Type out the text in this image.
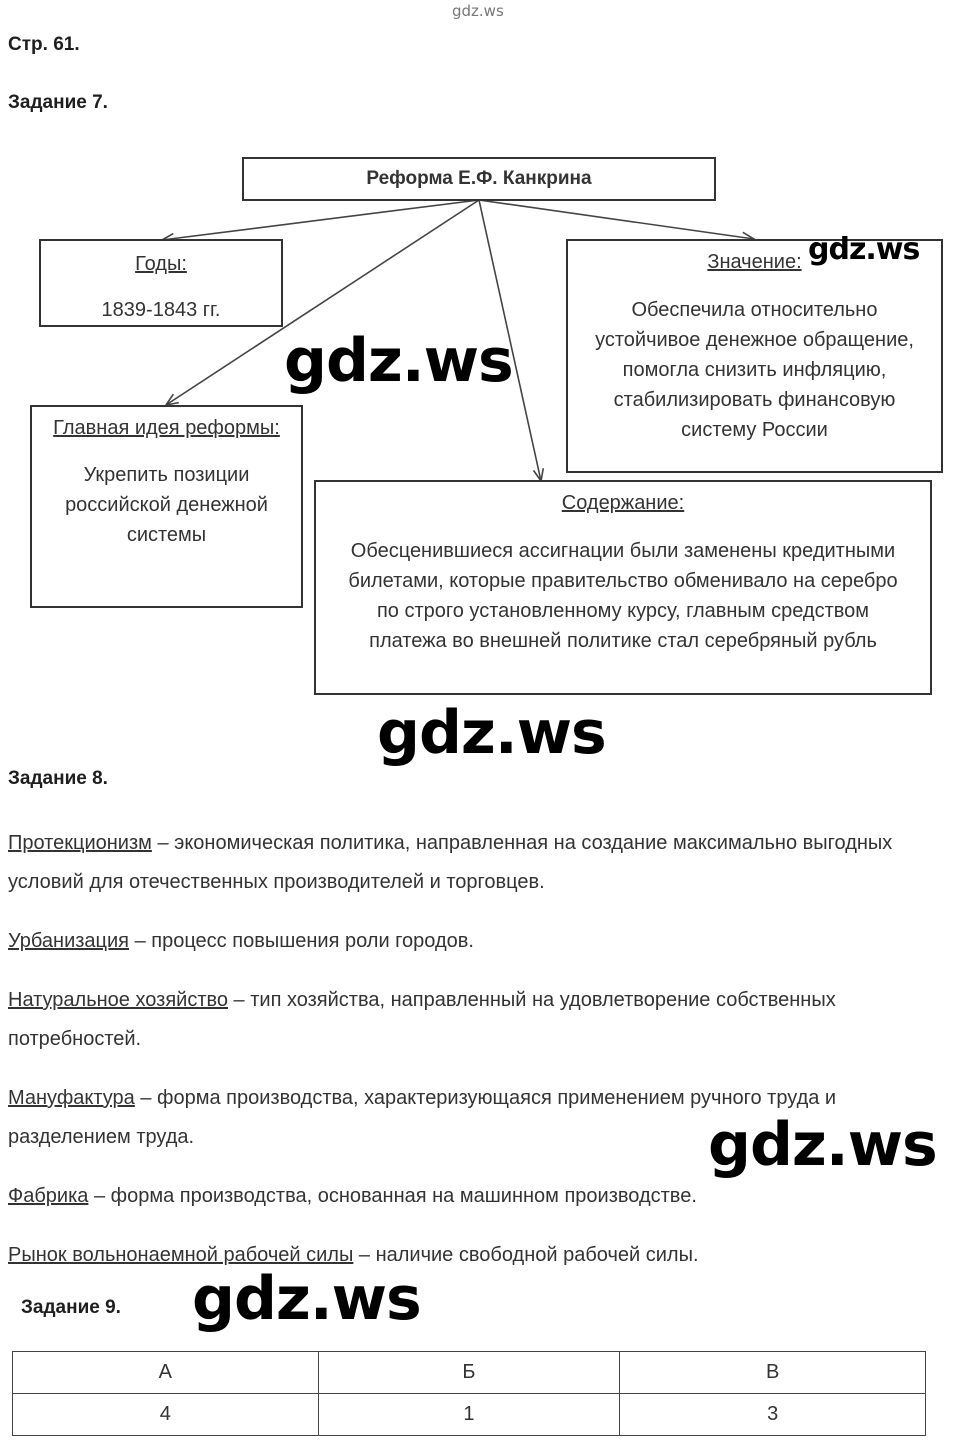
gdz.ws
Стр. 61.
Задание 7.
Реформа Е.Ф. Канкрина
Годы:
1839-1843 гг.
Значение:
Обеспечила относительно устойчивое денежное обращение, помогла снизить инфляцию, стабилизировать финансовую систему России
Главная идея реформы:
Укрепить позиции российской денежной системы
Содержание:
Обесценившиеся ассигнации были заменены кредитными билетами, которые правительство обменивало на серебро по строго установленному курсу, главным средством платежа во внешней политике стал серебряный рубль
Задание 8.
Протекционизм – экономическая политика, направленная на создание максимально выгодных условий для отечественных производителей и торговцев.
Урбанизация – процесс повышения роли городов.
Натуральное хозяйство – тип хозяйства, направленный на удовлетворение собственных потребностей.
Мануфактура – форма производства, характеризующаяся применением ручного труда и разделением труда.
Фабрика – форма производства, основанная на машинном производстве.
Рынок вольнонаемной рабочей силы – наличие свободной рабочей силы.
Задание 9.
А	Б	В
4	1	3
gdz.ws
gdz.ws
gdz.ws
gdz.ws
gdz.ws
